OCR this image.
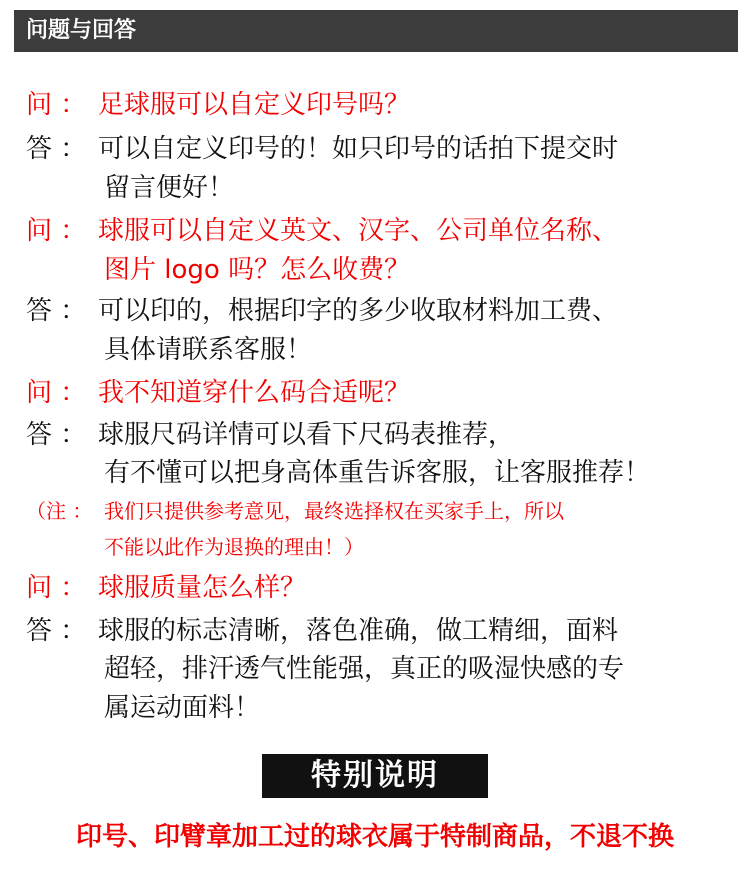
问题与回答
问 ： 足球服可以自定义印号吗？
答 ： 可以自定义印号的！如只印号的话拍下提交时
留言便好！
问 ： 球服可以自定义英文、汉字、公司单位名称、
图片 logo 吗？怎么收费？
答 ： 可以印的，根据印字的多少收取材料加工费、
具体请联系客服！
问 ： 我不知道穿什么码合适呢？
答 ： 球服尺码详情可以看下尺码表推荐，
有不懂可以把身高体重告诉客服，让客服推荐！
（注 ： 我们只提供参考意见，最终选择权在买家手上，所以
不能以此作为退换的理由！）
问 ： 球服质量怎么样？
答 ： 球服的标志清晰，落色准确，做工精细，面料
超轻，排汗透气性能强，真正的吸湿快感的专
属运动面料！
特别说明
印号、印臂章加工过的球衣属于特制商品，不退不换
